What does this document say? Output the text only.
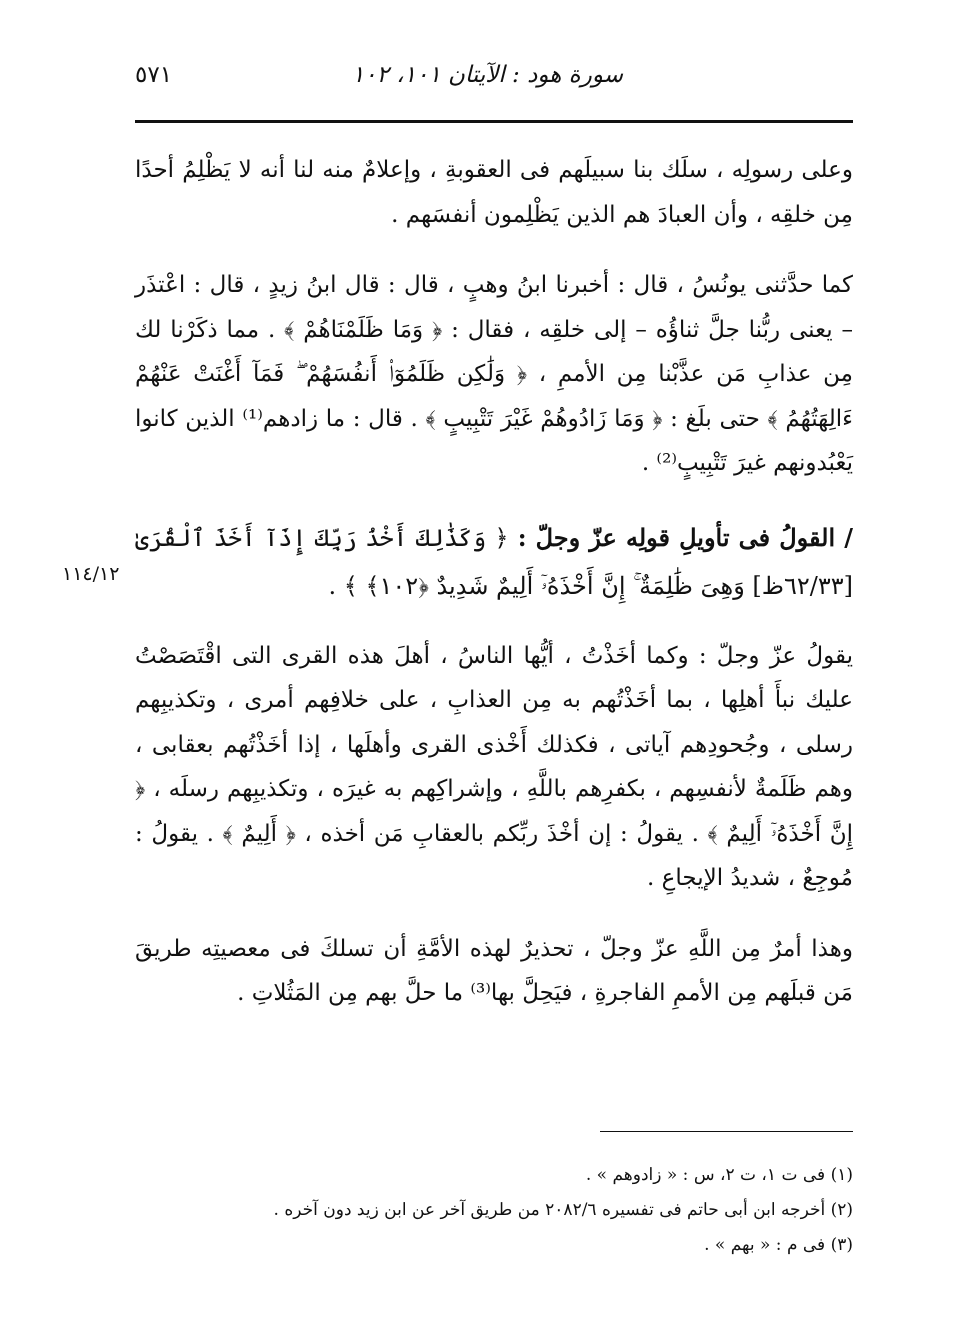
سورة هود : الآيتان ١٠١، ١٠٢
٥٧١

وعلى رسولِه ، سلَك بنا سبيلَهم فى العقوبةِ ، وإعلامٌ منه لنا أنه لا يَظْلِمُ أحدًا مِن خلقِه ، وأن العبادَ هم الذين يَظْلِمون أنفسَهم .

كما حدَّثنى يونُسُ ، قال : أخبرنا ابنُ وهبٍ ، قال : قال ابنُ زيدٍ ، قال : اعْتذَر – يعنى ربُّنا جلَّ ثناؤُه – إلى خلقِه ، فقال : ﴿ وَمَا ظَلَمْنَاهُمْ ﴾ . مما ذكَرْنا لك مِن عذابِ مَن عذَّبْنا مِن الأممِ ، ﴿ وَلَٰكِن ظَلَمُوٓا۟ أَنفُسَهُمْ ۖ فَمَآ أَغْنَتْ عَنْهُمْ ءَالِهَتُهُمُ ﴾ حتى بلَغ : ﴿ وَمَا زَادُوهُمْ غَيْرَ تَتْبِيبٍ ﴾ . قال : ما زادهم⁽¹⁾ الذين كانوا يَعْبُدونهم غيرَ تَتْبِيبٍ⁽²⁾ .

/ القولُ فى تأويلِ قولِه عزّ وجلّ : ﴿ وَكَذَٰلِكَ أَخْذُ رَبِّكَ إِذَآ أَخَذَ ٱلْقُرَىٰ [٦٢/٣٣ظ] وَهِىَ ظَٰلِمَةٌ ۚ إِنَّ أَخْذَهُۥٓ أَلِيمٌ شَدِيدٌ ﴿١٠٢﴾ ﴾ .

يقولُ عزّ وجلّ : وكما أخَذْتُ ، أيُّها الناسُ ، أهلَ هذه القرى التى اقْتَصَصْتُ عليك نبأَ أهلِها ، بما أخَذْتُهم به مِن العذابِ ، على خلافِهم أمرى ، وتكذيبِهم رسلى ، وجُحودِهم آياتى ، فكذلك أَخْذى القرى وأهلَها ، إذا أخَذْتُهم بعقابى ، وهم ظَلَمةٌ لأنفسِهم ، بكفرِهم باللَّهِ ، وإشراكِهم به غيرَه ، وتكذيبِهم رسلَه ، ﴿ إِنَّ أَخْذَهُۥٓ أَلِيمٌ ﴾ . يقولُ : إن أخْذَ ربِّكم بالعقابِ مَن أخذه ، ﴿ أَلِيمٌ ﴾ . يقولُ : مُوجِعٌ ، شديدُ الإيجاعِ .

وهذا أمرٌ مِن اللَّهِ عزّ وجلّ ، تحذيرٌ لهذه الأمَّةِ أن تسلكَ فى معصيتِه طريقَ مَن قبلَهم مِن الأممِ الفاجرةِ ، فيَحِلَّ بها⁽³⁾ ما حلَّ بهم مِن المَثُلاتِ .

١١٤/١٢

(١) فى ت ١، ت ٢، س : « زادوهم » .

(٢) أخرجه ابن أبى حاتم فى تفسيره ٢٠٨٢/٦ من طريق آخر عن ابن زيد دون آخره .

(٣) فى م : « بهم » .
